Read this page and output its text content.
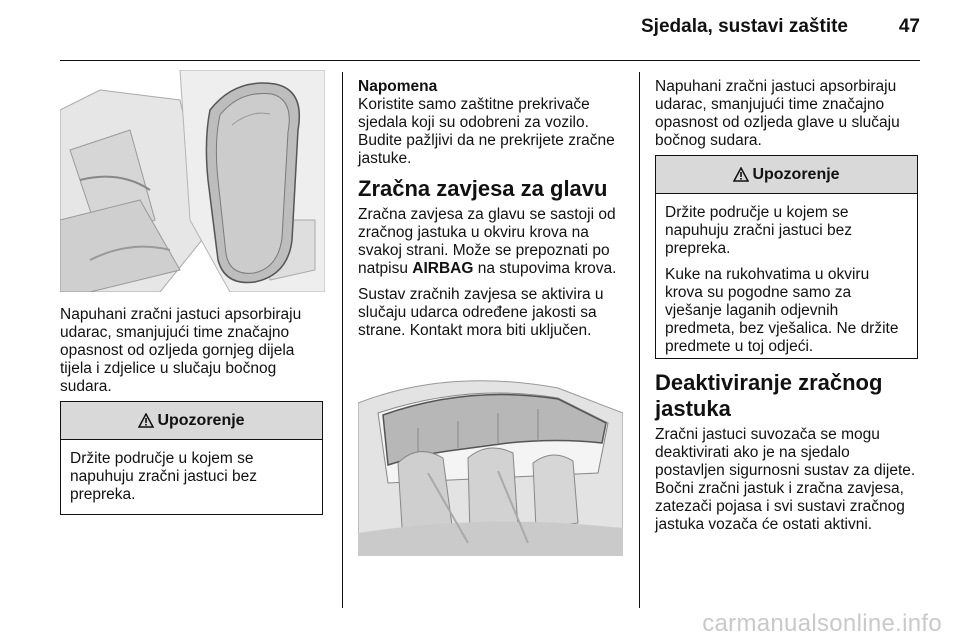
Sjedala, sustavi zaštite	47

Napuhani zračni jastuci apsorbiraju udarac, smanjujući time značajno opasnost od ozljeda gornjeg dijela tijela i zdjelice u slučaju bočnog sudara.

Upozorenje

Držite područje u kojem se napuhuju zračni jastuci bez prepreka.

Napomena

Koristite samo zaštitne prekrivače sjedala koji su odobreni za vozilo. Budite pažljivi da ne prekrijete zračne jastuke.

Zračna zavjesa za glavu

Zračna zavjesa za glavu se sastoji od zračnog jastuka u okviru krova na svakoj strani. Može se prepoznati po natpisu AIRBAG na stupovima krova.

Sustav zračnih zavjesa se aktivira u slučaju udarca određene jakosti sa strane. Kontakt mora biti uključen.

Napuhani zračni jastuci apsorbiraju udarac, smanjujući time značajno opasnost od ozljeda glave u slučaju bočnog sudara.

Upozorenje

Držite područje u kojem se napuhuju zračni jastuci bez prepreka.

Kuke na rukohvatima u okviru krova su pogodne samo za vješanje laganih odjevnih predmeta, bez vješalica. Ne držite predmete u toj odjeći.

Deaktiviranje zračnog jastuka

Zračni jastuci suvozača se mogu deaktivirati ako je na sjedalo postavljen sigurnosni sustav za dijete. Bočni zračni jastuk i zračna zavjesa, zatezači pojasa i svi sustavi zračnog jastuka vozača će ostati aktivni.

carmanualsonline.info
